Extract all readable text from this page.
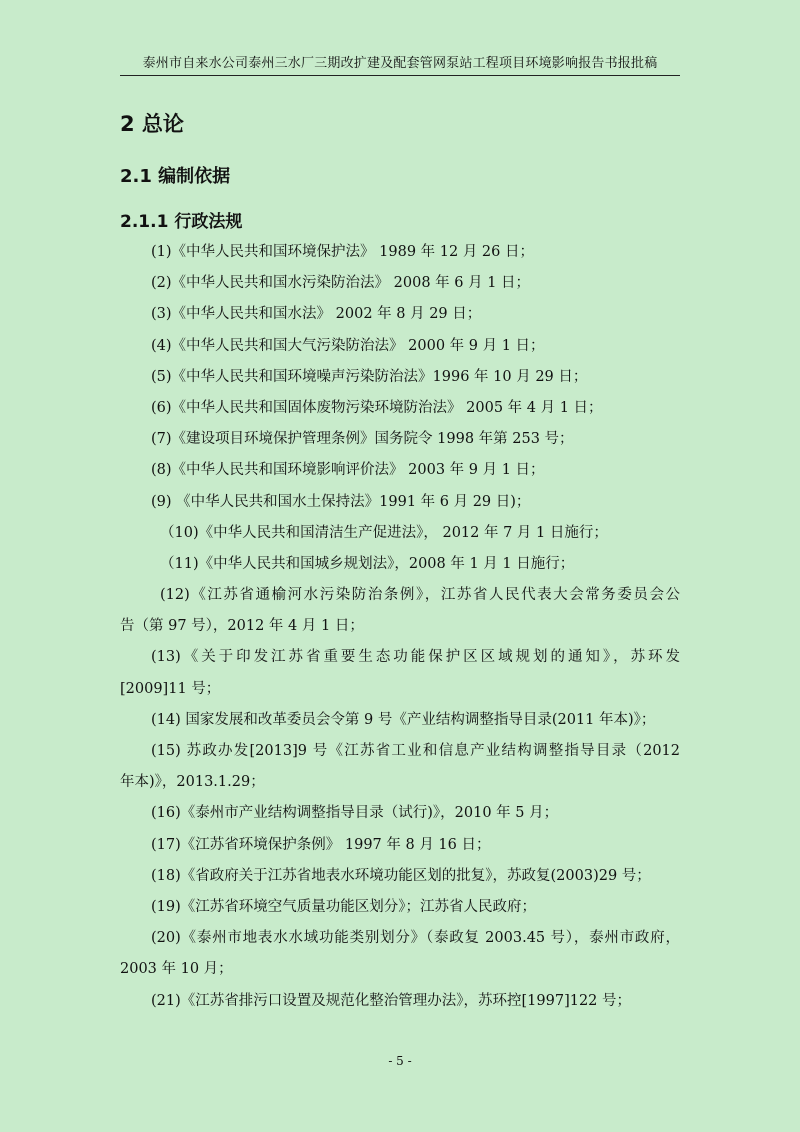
泰州市自来水公司泰州三水厂三期改扩建及配套管网泵站工程项目环境影响报告书报批稿
2 总论
2.1 编制依据
2.1.1 行政法规
(1)《中华人民共和国环境保护法》 1989 年 12 月 26 日；
(2)《中华人民共和国水污染防治法》 2008 年 6 月 1 日；
(3)《中华人民共和国水法》 2002 年 8 月 29 日；
(4)《中华人民共和国大气污染防治法》 2000 年 9 月 1 日；
(5)《中华人民共和国环境噪声污染防治法》1996 年 10 月 29 日；
(6)《中华人民共和国固体废物污染环境防治法》 2005 年 4 月 1 日；
(7)《建设项目环境保护管理条例》国务院令 1998 年第 253 号；
(8)《中华人民共和国环境影响评价法》 2003 年 9 月 1 日；
(9) 《中华人民共和国水土保持法》1991 年 6 月 29 日)；
（10)《中华人民共和国清洁生产促进法》， 2012 年 7 月 1 日施行；
（11)《中华人民共和国城乡规划法》，2008 年 1 月 1 日施行；
(12)《江苏省通榆河水污染防治条例》，江苏省人民代表大会常务委员会公
告（第 97 号），2012 年 4 月 1 日；
(13)《关于印发江苏省重要生态功能保护区区域规划的通知》，苏环发
[2009]11 号；
(14) 国家发展和改革委员会令第 9 号《产业结构调整指导目录(2011 年本)》；
(15) 苏政办发[2013]9 号《江苏省工业和信息产业结构调整指导目录（2012
年本)》，2013.1.29；
(16)《泰州市产业结构调整指导目录（试行)》，2010 年 5 月；
(17)《江苏省环境保护条例》 1997 年 8 月 16 日；
(18)《省政府关于江苏省地表水环境功能区划的批复》，苏政复(2003)29 号；
(19)《江苏省环境空气质量功能区划分》；江苏省人民政府；
(20)《泰州市地表水水域功能类别划分》（泰政复 2003.45 号），泰州市政府，
2003 年 10 月；
(21)《江苏省排污口设置及规范化整治管理办法》，苏环控[1997]122 号；
- 5 -
